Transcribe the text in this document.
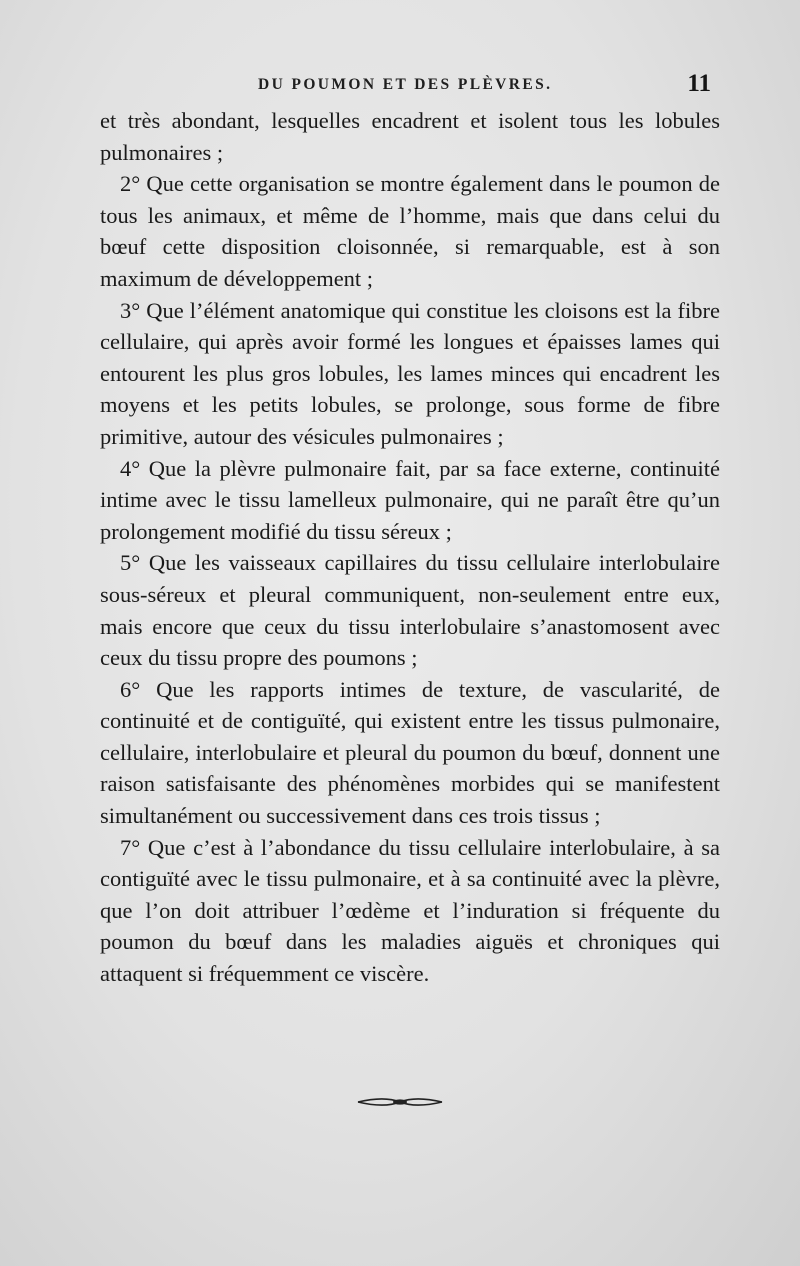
DU POUMON ET DES PLÈVRES.	11

et très abondant, lesquelles encadrent et isolent tous les lobules pulmonaires ;

2° Que cette organisation se montre également dans le poumon de tous les animaux, et même de l’homme, mais que dans celui du bœuf cette disposition cloisonnée, si remarquable, est à son maximum de développement ;

3° Que l’élément anatomique qui constitue les cloisons est la fibre cellulaire, qui après avoir formé les longues et épaisses lames qui entourent les plus gros lobules, les lames minces qui encadrent les moyens et les petits lobules, se prolonge, sous forme de fibre primitive, autour des vésicules pulmonaires ;

4° Que la plèvre pulmonaire fait, par sa face externe, continuité intime avec le tissu lamelleux pulmonaire, qui ne paraît être qu’un prolongement modifié du tissu séreux ;

5° Que les vaisseaux capillaires du tissu cellulaire interlobulaire sous-séreux et pleural communiquent, non-seulement entre eux, mais encore que ceux du tissu interlobulaire s’anastomosent avec ceux du tissu propre des poumons ;

6° Que les rapports intimes de texture, de vascularité, de continuité et de contiguïté, qui existent entre les tissus pulmonaire, cellulaire, interlobulaire et pleural du poumon du bœuf, donnent une raison satisfaisante des phénomènes morbides qui se manifestent simultanément ou successivement dans ces trois tissus ;

7° Que c’est à l’abondance du tissu cellulaire interlobulaire, à sa contiguïté avec le tissu pulmonaire, et à sa continuité avec la plèvre, que l’on doit attribuer l’œdème et l’induration si fréquente du poumon du bœuf dans les maladies aiguës et chroniques qui attaquent si fréquemment ce viscère.
